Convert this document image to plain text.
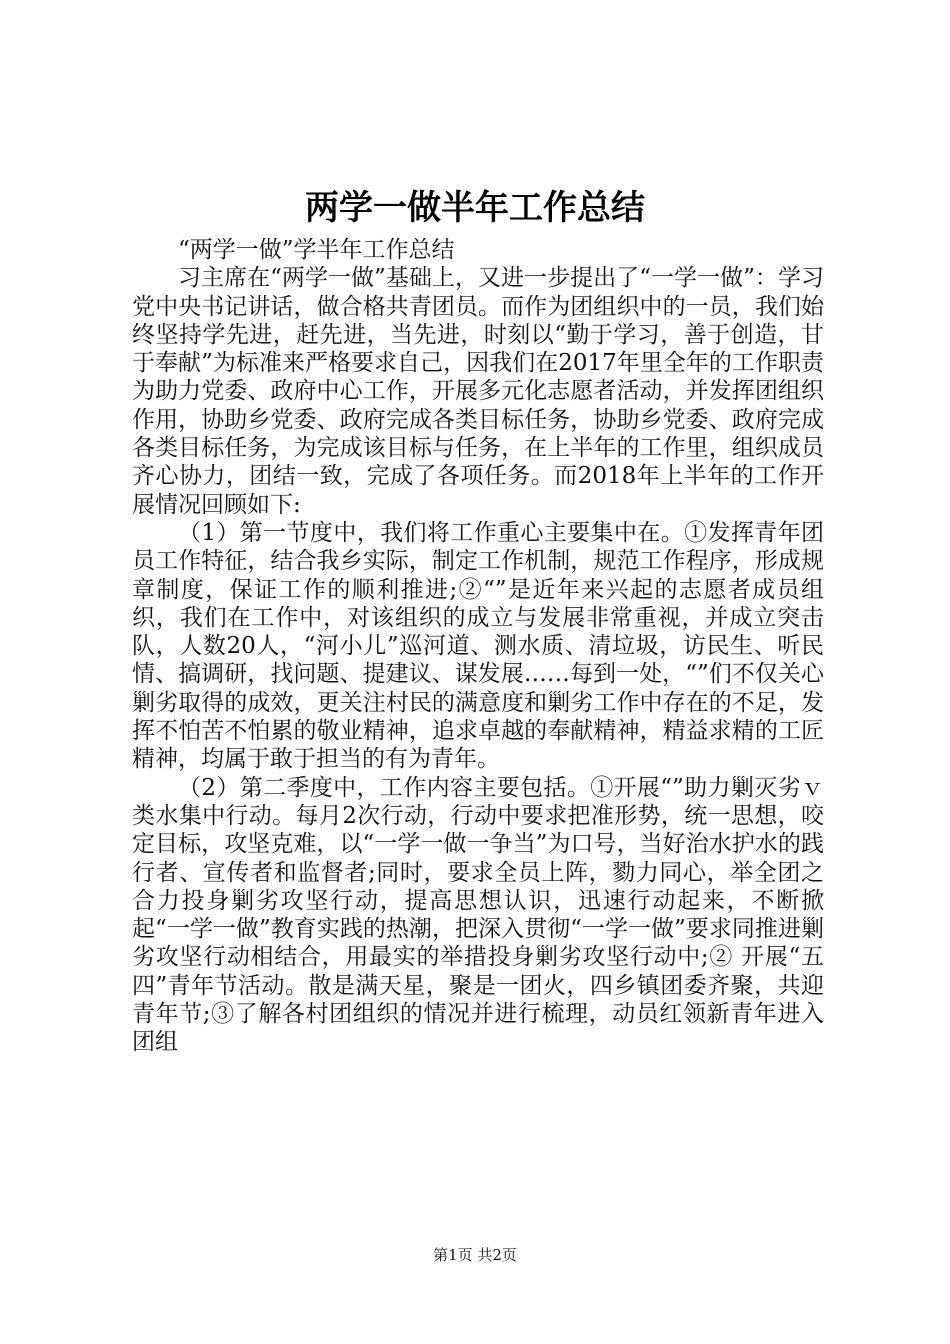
两学一做半年工作总结

“两学一做”学半年工作总结

习主席在“两学一做”基础上，又进一步提出了“一学一做”：学习党中央书记讲话，做合格共青团员。而作为团组织中的一员，我们始终坚持学先进，赶先进，当先进，时刻以“勤于学习，善于创造，甘于奉献”为标准来严格要求自己，因我们在2017年里全年的工作职责为助力党委、政府中心工作，开展多元化志愿者活动，并发挥团组织作用，协助乡党委、政府完成各类目标任务，协助乡党委、政府完成各类目标任务，为完成该目标与任务，在上半年的工作里，组织成员齐心协力，团结一致，完成了各项任务。而2018年上半年的工作开展情况回顾如下:

（1）第一节度中，我们将工作重心主要集中在。①发挥青年团员工作特征，结合我乡实际，制定工作机制，规范工作程序，形成规章制度，保证工作的顺利推进;②“”是近年来兴起的志愿者成员组织，我们在工作中，对该组织的成立与发展非常重视，并成立突击队，人数20人，“河小儿”巡河道、测水质、清垃圾，访民生、听民情、搞调研，找问题、提建议、谋发展……每到一处，“”们不仅关心剿劣取得的成效，更关注村民的满意度和剿劣工作中存在的不足，发挥不怕苦不怕累的敬业精神，追求卓越的奉献精神，精益求精的工匠精神，均属于敢于担当的有为青年。

（2）第二季度中，工作内容主要包括。①开展“”助力剿灭劣ｖ类水集中行动。每月2次行动，行动中要求把准形势，统一思想，咬定目标，攻坚克难，以“一学一做一争当”为口号，当好治水护水的践行者、宣传者和监督者;同时，要求全员上阵，勠力同心，举全团之合力投身剿劣攻坚行动，提高思想认识，迅速行动起来，不断掀起“一学一做”教育实践的热潮，把深入贯彻“一学一做”要求同推进剿劣攻坚行动相结合，用最实的举措投身剿劣攻坚行动中;② 开展“五四”青年节活动。散是满天星，聚是一团火，四乡镇团委齐聚，共迎青年节;③了解各村团组织的情况并进行梳理，动员红领新青年进入团组

第1页 共2页
